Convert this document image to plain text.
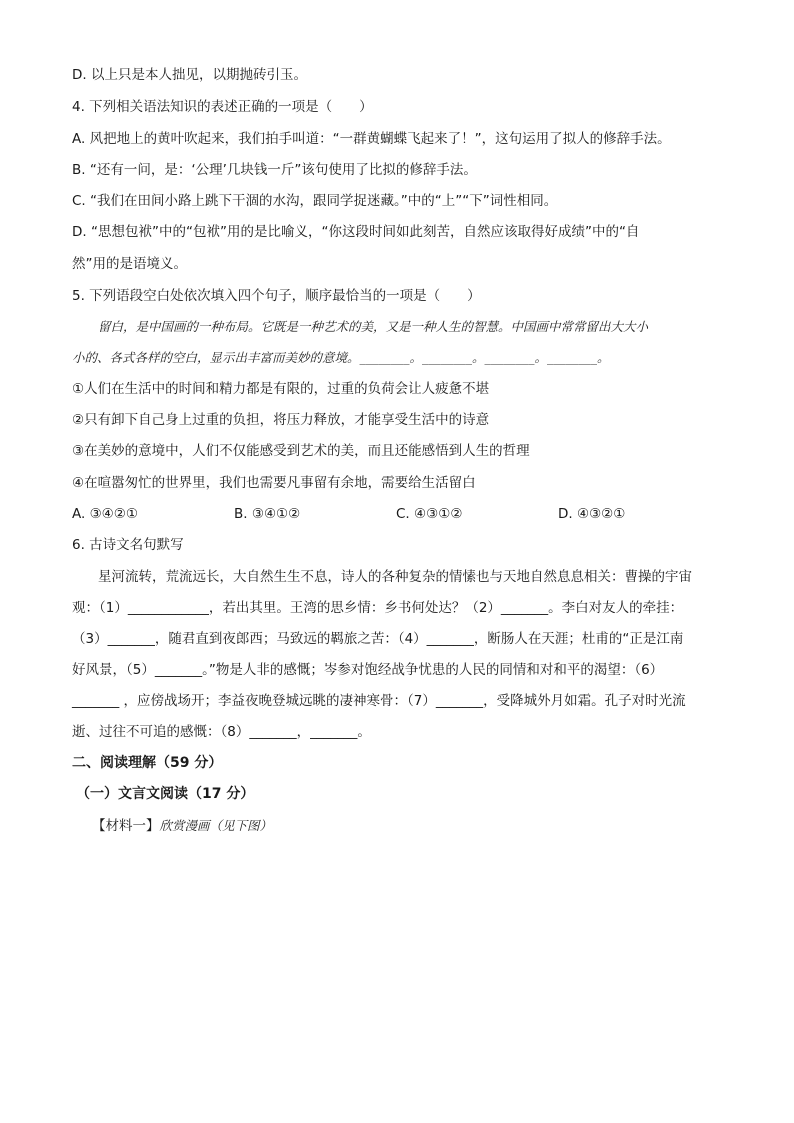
D. 以上只是本人拙见，以期抛砖引玉。
4. 下列相关语法知识的表述正确的一项是（　　）
A. 风把地上的黄叶吹起来，我们拍手叫道：“一群黄蝴蝶飞起来了！”，这句运用了拟人的修辞手法。
B. “还有一问，是：‘公理’几块钱一斤”该句使用了比拟的修辞手法。
C. “我们在田间小路上跳下干涸的水沟，跟同学捉迷藏。”中的“上”“下”词性相同。
D. “思想包袱”中的“包袱”用的是比喻义，“你这段时间如此刻苦，自然应该取得好成绩”中的“自
然”用的是语境义。
5. 下列语段空白处依次填入四个句子，顺序最恰当的一项是（　　）
留白，是中国画的一种布局。它既是一种艺术的美，又是一种人生的智慧。中国画中常常留出大大小
小的、各式各样的空白，显示出丰富而美妙的意境。________。________。________。________。
①人们在生活中的时间和精力都是有限的，过重的负荷会让人疲惫不堪
②只有卸下自己身上过重的负担，将压力释放，才能享受生活中的诗意
③在美妙的意境中，人们不仅能感受到艺术的美，而且还能感悟到人生的哲理
④在喧嚣匆忙的世界里，我们也需要凡事留有余地，需要给生活留白
A. ③④②①	B. ③④①②	C. ④③①②	D. ④③②①
6. 古诗文名句默写
星河流转，荒流远长，大自然生生不息，诗人的各种复杂的情愫也与天地自然息息相关：曹操的宇宙
观：（1）____________，若出其里。王湾的思乡情：乡书何处达？（2）_______。李白对友人的牵挂：
（3）_______，随君直到夜郎西；马致远的羁旅之苦：（4）_______，断肠人在天涯；杜甫的“正是江南
好风景，（5）_______。”物是人非的感慨；岑参对饱经战争忧患的人民的同情和对和平的渴望：（6）
_______ ，应傍战场开；李益夜晚登城远眺的凄神寒骨：（7）_______，受降城外月如霜。孔子对时光流
逝、过往不可追的感慨：（8）_______，_______。
二、阅读理解（59 分）
（一）文言文阅读（17 分）
【材料一】欣赏漫画（见下图）
